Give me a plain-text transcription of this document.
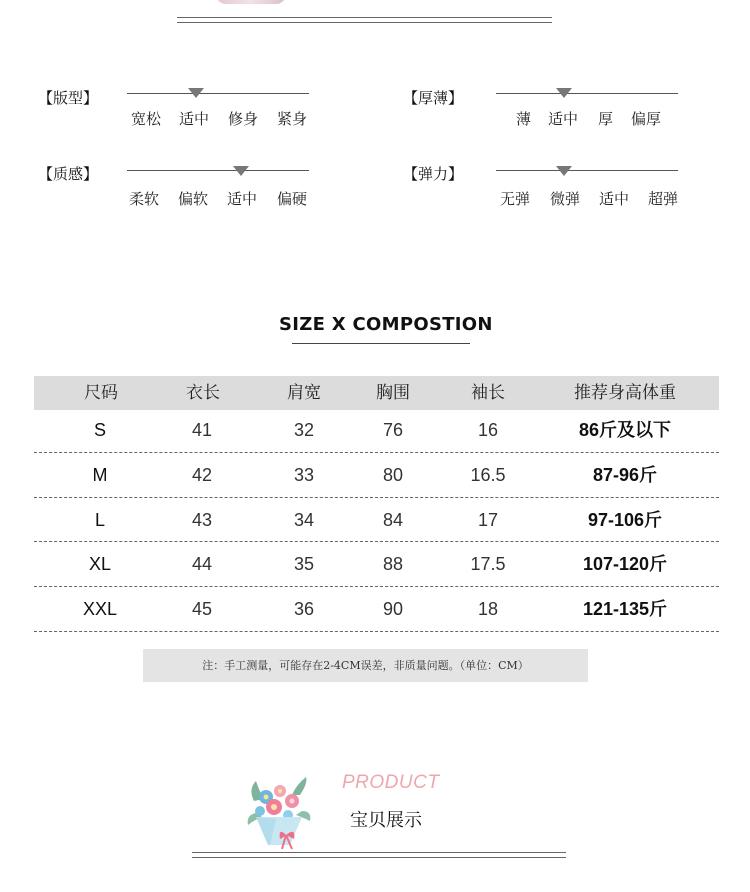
【版型】
宽松 适中 修身 紧身
【厚薄】
薄 适中 厚 偏厚
【质感】
柔软 偏软 适中 偏硬
【弹力】
无弹 微弹 适中 超弹
SIZE X COMPOSTION
尺码	衣长	肩宽	胸围	袖长	推荐身高体重
S	41	32	76	16	86斤及以下
M	42	33	80	16.5	87-96斤
L	43	34	84	17	97-106斤
XL	44	35	88	17.5	107-120斤
XXL	45	36	90	18	121-135斤
注：手工测量，可能存在2-4CM误差，非质量问题。（单位：CM）
PRODUCT
宝贝展示
